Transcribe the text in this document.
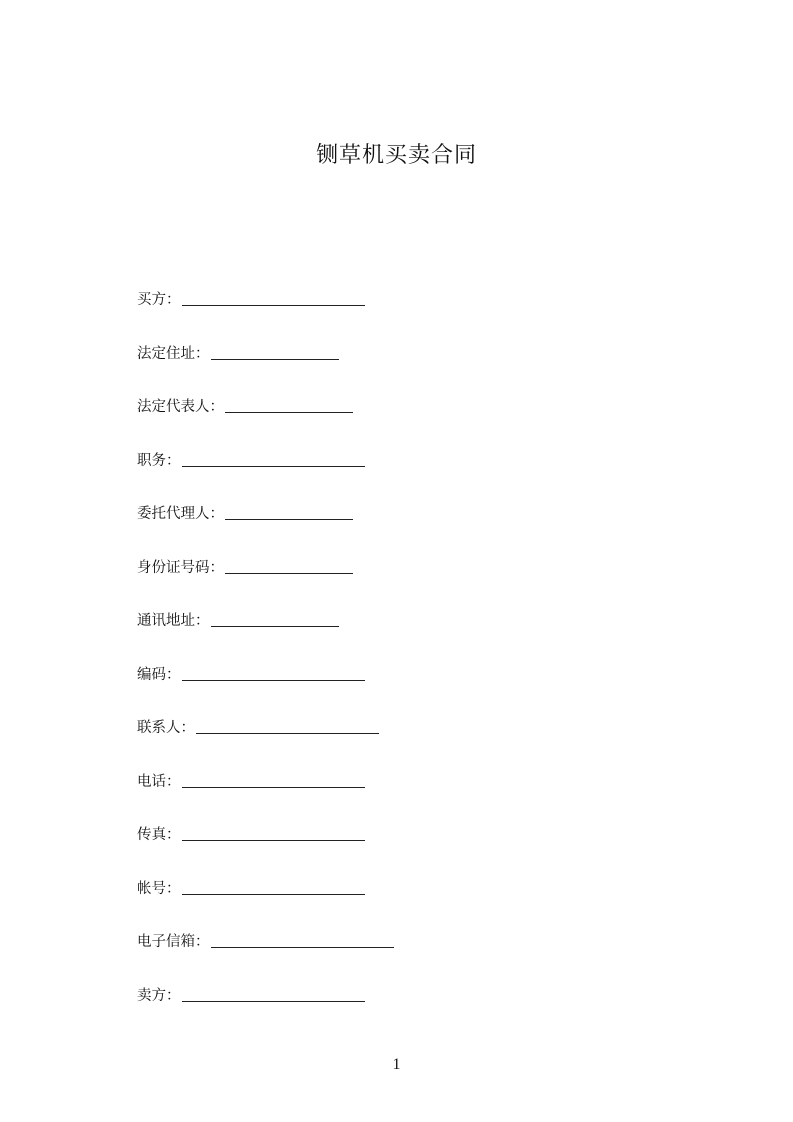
铡草机买卖合同
买方：
法定住址：
法定代表人：
职务：
委托代理人：
身份证号码：
通讯地址：
编码：
联系人：
电话：
传真：
帐号：
电子信箱：
卖方：
1
